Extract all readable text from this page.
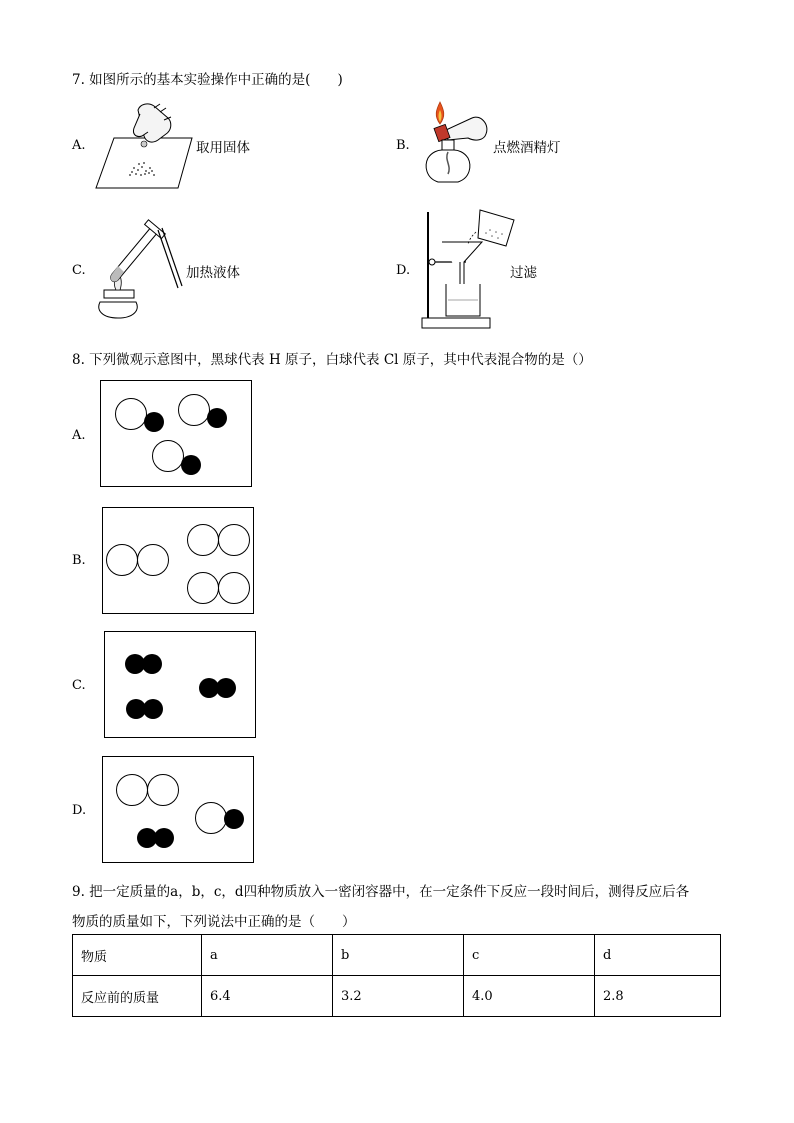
7. 如图所示的基本实验操作中正确的是(　　)
A.	取用固体	B.	点燃酒精灯
C.	加热液体	D.	过滤
8. 下列微观示意图中，黑球代表 H 原子，白球代表 Cl 原子，其中代表混合物的是（）
A.
B.
C.
D.
9. 把一定质量的a，b，c，d四种物质放入一密闭容器中，在一定条件下反应一段时间后，测得反应后各
物质的质量如下，下列说法中正确的是（　　）
物质	a	b	c	d
反应前的质量	6.4	3.2	4.0	2.8
